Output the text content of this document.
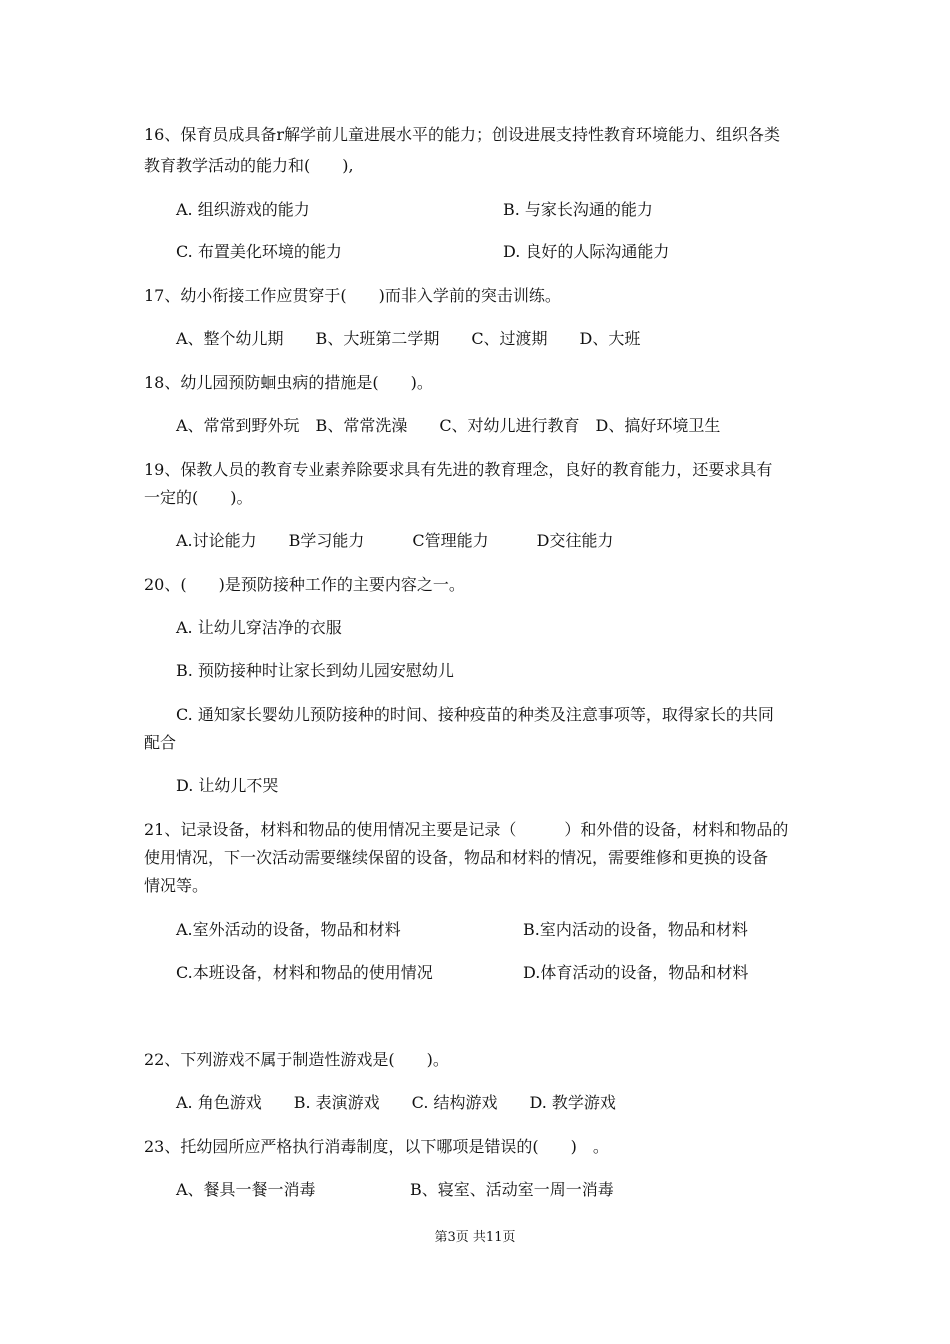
16、保育员成具备r解学前儿童进展水平的能力；创设进展支持性教育环境能力、组织各类
教育教学活动的能力和(　　),
A. 组织游戏的能力	B. 与家长沟通的能力
C. 布置美化环境的能力	D. 良好的人际沟通能力
17、幼小衔接工作应贯穿于(　　)而非入学前的突击训练。
A、整个幼儿期　　B、大班第二学期　　C、过渡期　　D、大班
18、幼儿园预防蛔虫病的措施是(　　)。
A、常常到野外玩　B、常常洗澡　　C、对幼儿进行教育　D、搞好环境卫生
19、保教人员的教育专业素养除要求具有先进的教育理念，良好的教育能力，还要求具有
一定的(　　)。
A.讨论能力　　B学习能力　　　C管理能力　　　D交往能力
20、(　　)是预防接种工作的主要内容之一。
A. 让幼儿穿洁净的衣服
B. 预防接种时让家长到幼儿园安慰幼儿
C. 通知家长婴幼儿预防接种的时间、接种疫苗的种类及注意事项等，取得家长的共同
配合
D. 让幼儿不哭
21、记录设备，材料和物品的使用情况主要是记录（　　　）和外借的设备，材料和物品的
使用情况，下一次活动需要继续保留的设备，物品和材料的情况，需要维修和更换的设备
情况等。
A.室外活动的设备，物品和材料	B.室内活动的设备，物品和材料
C.本班设备，材料和物品的使用情况	D.体育活动的设备，物品和材料
22、下列游戏不属于制造性游戏是(　　)。
A. 角色游戏　　B. 表演游戏　　C. 结构游戏　　D. 教学游戏
23、托幼园所应严格执行消毒制度，以下哪项是错误的(　　)　。
A、餐具一餐一消毒	B、寝室、活动室一周一消毒
第3页 共11页
